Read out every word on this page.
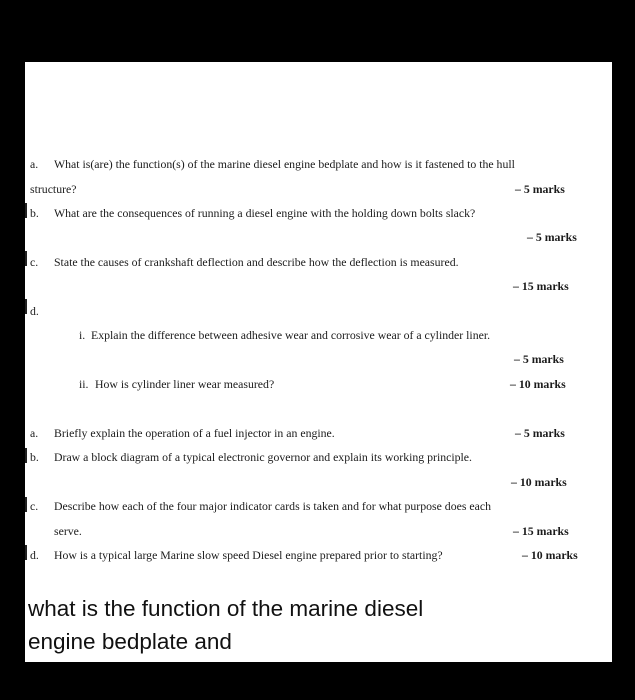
a. What is(are) the function(s) of the marine diesel engine bedplate and how is it fastened to the hull
structure?	– 5 marks
b. What are the consequences of running a diesel engine with the holding down bolts slack?
– 5 marks
c. State the causes of crankshaft deflection and describe how the deflection is measured.
– 15 marks
d.
i. Explain the difference between adhesive wear and corrosive wear of a cylinder liner.
– 5 marks
ii. How is cylinder liner wear measured?	– 10 marks
a. Briefly explain the operation of a fuel injector in an engine.	– 5 marks
b. Draw a block diagram of a typical electronic governor and explain its working principle.
– 10 marks
c. Describe how each of the four major indicator cards is taken and for what purpose does each
serve.	– 15 marks
d. How is a typical large Marine slow speed Diesel engine prepared prior to starting?	– 10 marks
what is the function of the marine diesel
engine bedplate and
